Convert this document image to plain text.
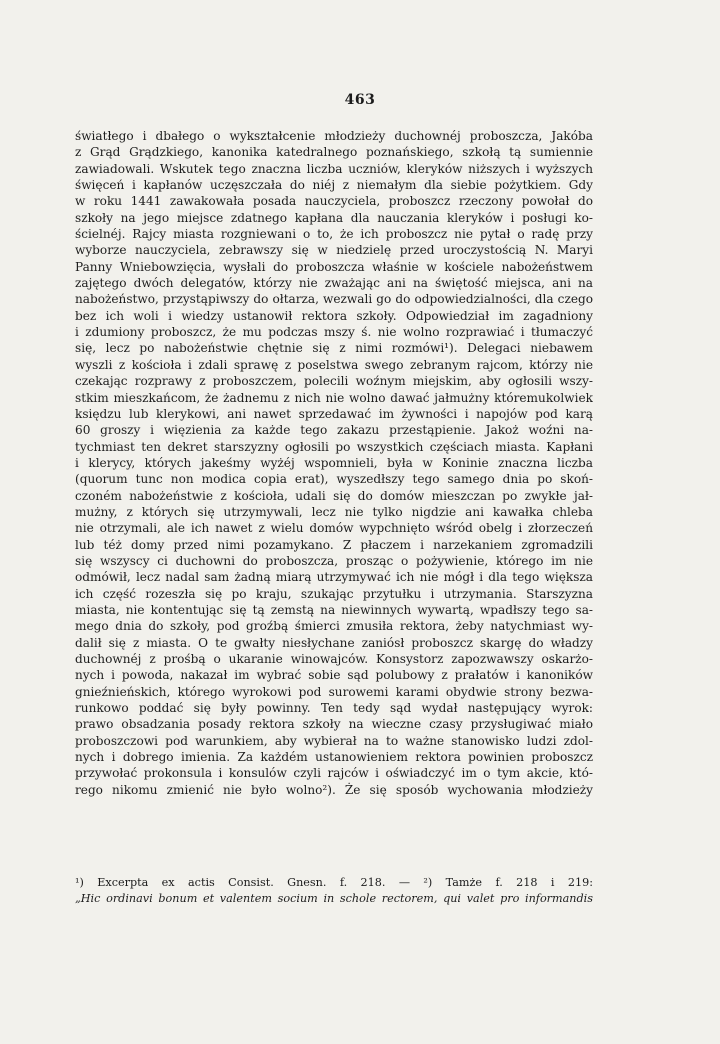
463
światłego i dbałego o wykształcenie młodzieży duchownéj proboszcza, Jakóba
z Grąd Grądzkiego, kanonika katedralnego poznańskiego, szkołą tą sumiennie
zawiadowali. Wskutek tego znaczna liczba uczniów, kleryków niższych i wyższych
święceń i kapłanów uczęszczała do niéj z niemałym dla siebie pożytkiem. Gdy
w roku 1441 zawakowała posada nauczyciela, proboszcz rzeczony powołał do
szkoły na jego miejsce zdatnego kapłana dla nauczania kleryków i posługi ko-
ścielnéj. Rajcy miasta rozgniewani o to, że ich proboszcz nie pytał o radę przy
wyborze nauczyciela, zebrawszy się w niedzielę przed uroczystością N. Maryi
Panny Wniebowzięcia, wysłali do proboszcza właśnie w kościele nabożeństwem
zajętego dwóch delegatów, którzy nie zważając ani na świętość miejsca, ani na
nabożeństwo, przystąpiwszy do ołtarza, wezwali go do odpowiedzialności, dla czego
bez ich woli i wiedzy ustanowił rektora szkoły. Odpowiedział im zagadniony
i zdumiony proboszcz, że mu podczas mszy ś. nie wolno rozprawiać i tłumaczyć
się, lecz po nabożeństwie chętnie się z nimi rozmówi¹). Delegaci niebawem
wyszli z kościoła i zdali sprawę z poselstwa swego zebranym rajcom, którzy nie
czekając rozprawy z proboszczem, polecili woźnym miejskim, aby ogłosili wszy-
stkim mieszkańcom, że żadnemu z nich nie wolno dawać jałmużny któremukolwiek
księdzu lub klerykowi, ani nawet sprzedawać im żywności i napojów pod karą
60 groszy i więzienia za każde tego zakazu przestąpienie. Jakoż woźni na-
tychmiast ten dekret starszyzny ogłosili po wszystkich częściach miasta. Kapłani
i klerycy, których jakeśmy wyżéj wspomnieli, była w Koninie znaczna liczba
(quorum tunc non modica copia erat), wyszedłszy tego samego dnia po skoń-
czoném nabożeństwie z kościoła, udali się do domów mieszczan po zwykłe jał-
mużny, z których się utrzymywali, lecz nie tylko nigdzie ani kawałka chleba
nie otrzymali, ale ich nawet z wielu domów wypchnięto wśród obelg i złorzeczeń
lub téż domy przed nimi pozamykano. Z płaczem i narzekaniem zgromadzili
się wszyscy ci duchowni do proboszcza, prosząc o pożywienie, którego im nie
odmówił, lecz nadal sam żadną miarą utrzymywać ich nie mógł i dla tego większa
ich część rozeszła się po kraju, szukając przytułku i utrzymania. Starszyzna
miasta, nie kontentując się tą zemstą na niewinnych wywartą, wpadłszy tego sa-
mego dnia do szkoły, pod groźbą śmierci zmusiła rektora, żeby natychmiast wy-
dalił się z miasta. O te gwałty niesłychane zaniósł proboszcz skargę do władzy
duchownéj z prośbą o ukaranie winowajców. Konsystorz zapozwawszy oskarżo-
nych i powoda, nakazał im wybrać sobie sąd polubowy z prałatów i kanoników
gnieźnieńskich, którego wyrokowi pod surowemi karami obydwie strony bezwa-
runkowo poddać się były powinny. Ten tedy sąd wydał następujący wyrok:
prawo obsadzania posady rektora szkoły na wieczne czasy przysługiwać miało
proboszczowi pod warunkiem, aby wybierał na to ważne stanowisko ludzi zdol-
nych i dobrego imienia. Za każdém ustanowieniem rektora powinien proboszcz
przywołać prokonsula i konsulów czyli rajców i oświadczyć im o tym akcie, któ-
rego nikomu zmienić nie było wolno²). Że się sposób wychowania młodzieży
¹) Excerpta ex actis Consist. Gnesn. f. 218. — ²) Tamże f. 218 i 219:
„Hic ordinavi bonum et valentem socium in schole rectorem, qui valet pro informandis
